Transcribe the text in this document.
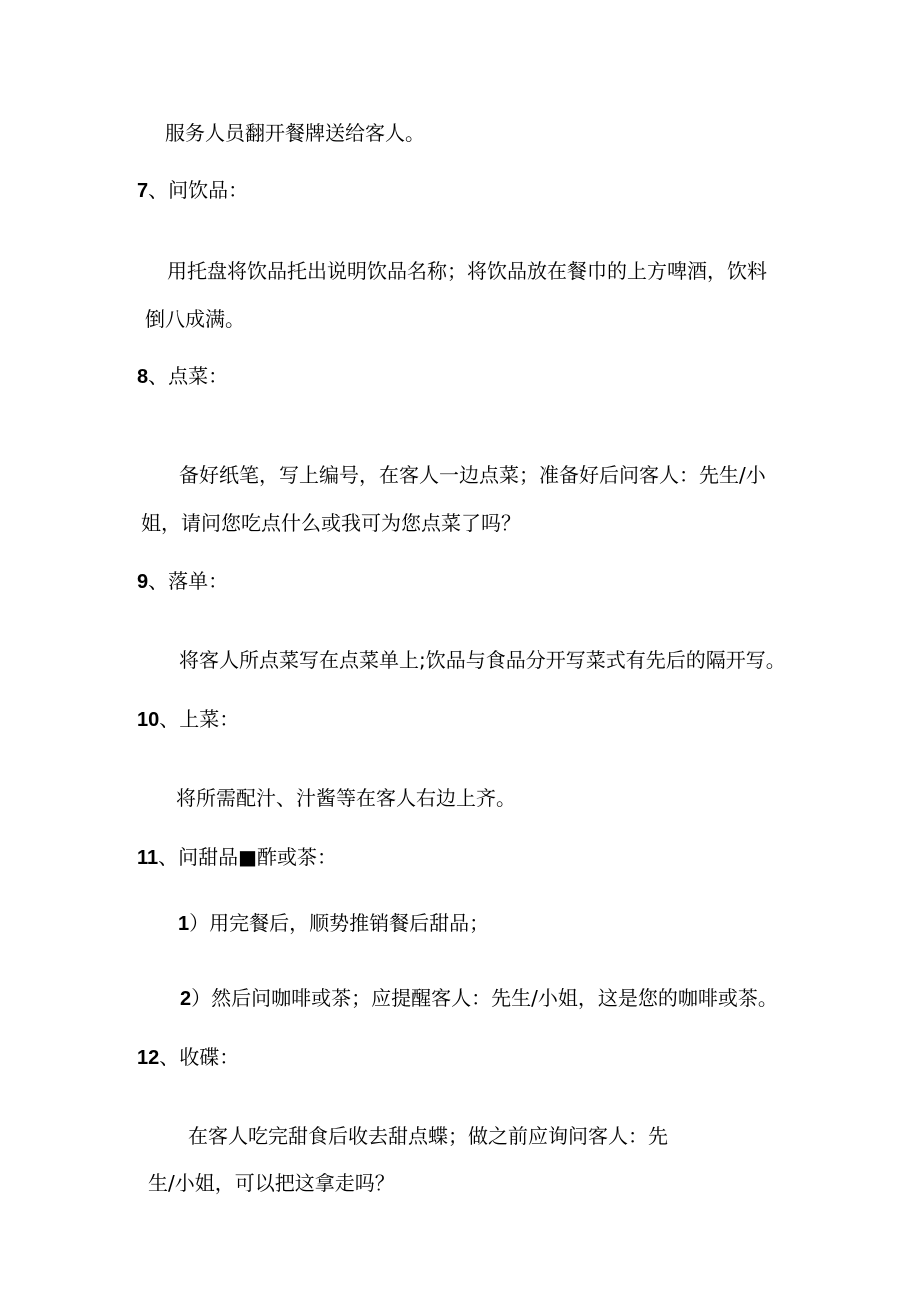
服务人员翻开餐牌送给客人。
7、问饮品：
用托盘将饮品托出说明饮品名称；将饮品放在餐巾的上方啤酒，饮料
倒八成满。
8、点菜：
备好纸笔，写上编号，在客人一边点菜；准备好后问客人：先生/小
姐，请问您吃点什么或我可为您点菜了吗？
9、落单：
将客人所点菜写在点菜单上;饮品与食品分开写菜式有先后的隔开写。
10、上菜：
将所需配汁、汁酱等在客人右边上齐。
11、问甜品■酢或茶：
1）用完餐后，顺势推销餐后甜品；
2）然后问咖啡或茶；应提醒客人：先生/小姐，这是您的咖啡或茶。
12、收碟：
在客人吃完甜食后收去甜点蝶；做之前应询问客人：先
生/小姐，可以把这拿走吗？
